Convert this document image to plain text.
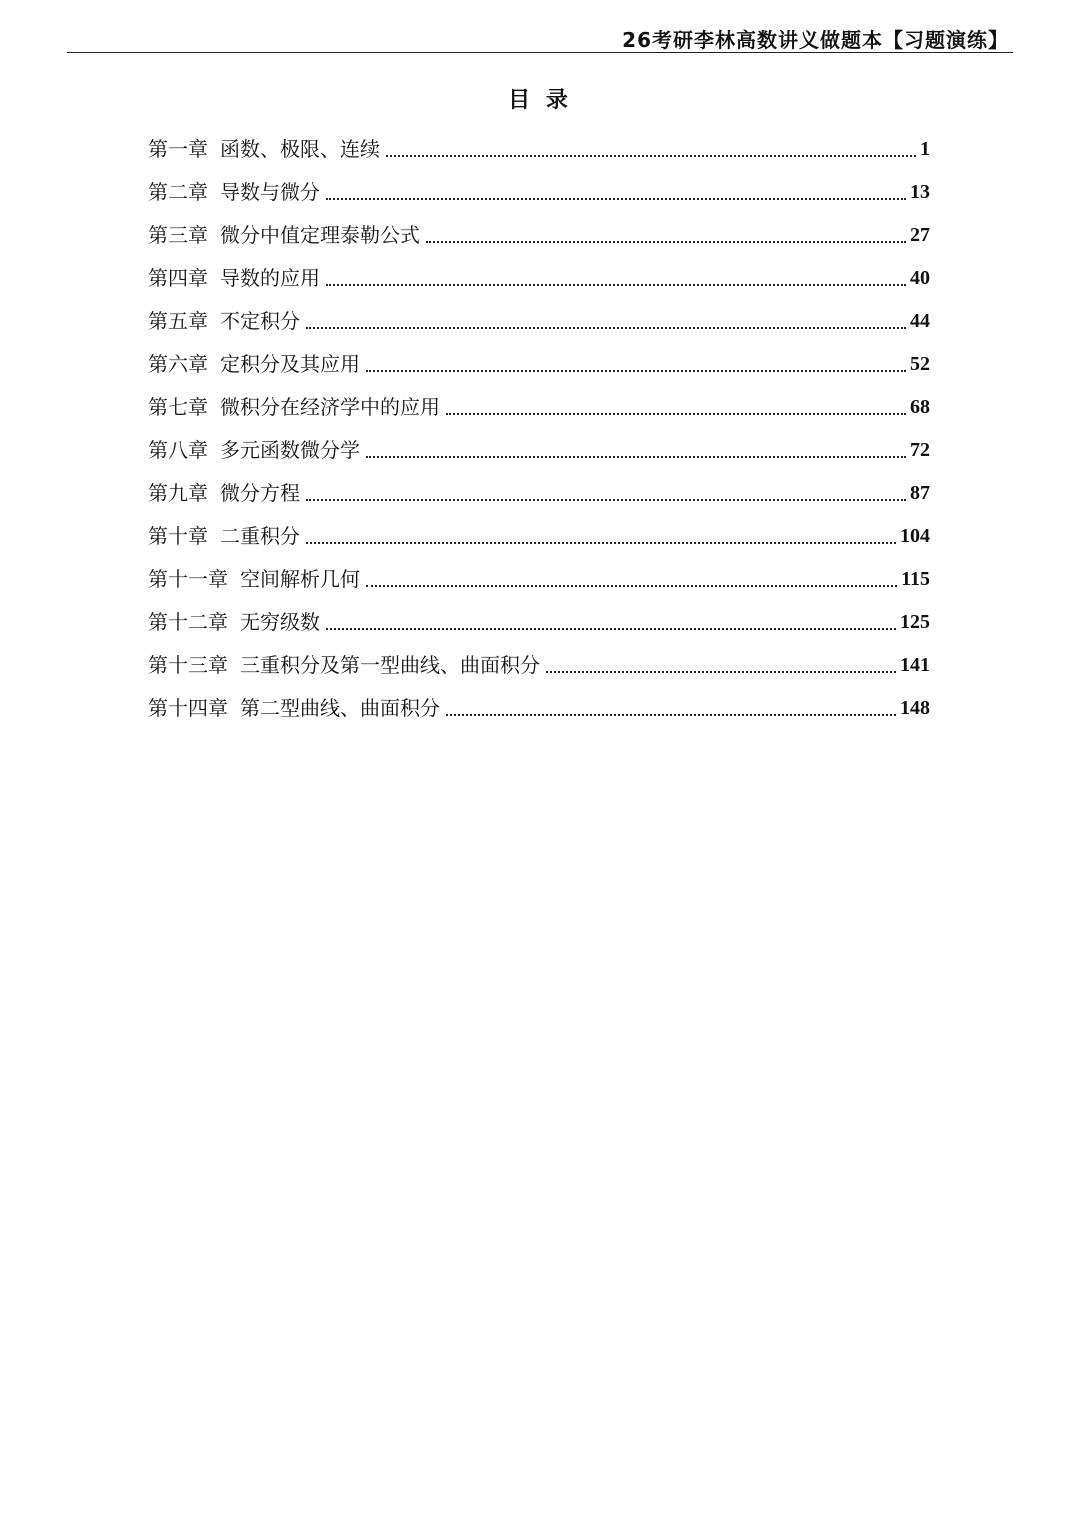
26考研李林高数讲义做题本【习题演练】
目 录
第一章 函数、极限、连续	1
第二章 导数与微分	13
第三章 微分中值定理泰勒公式	27
第四章 导数的应用	40
第五章 不定积分	44
第六章 定积分及其应用	52
第七章 微积分在经济学中的应用	68
第八章 多元函数微分学	72
第九章 微分方程	87
第十章 二重积分	104
第十一章 空间解析几何	115
第十二章 无穷级数	125
第十三章 三重积分及第一型曲线、曲面积分	141
第十四章 第二型曲线、曲面积分	148
